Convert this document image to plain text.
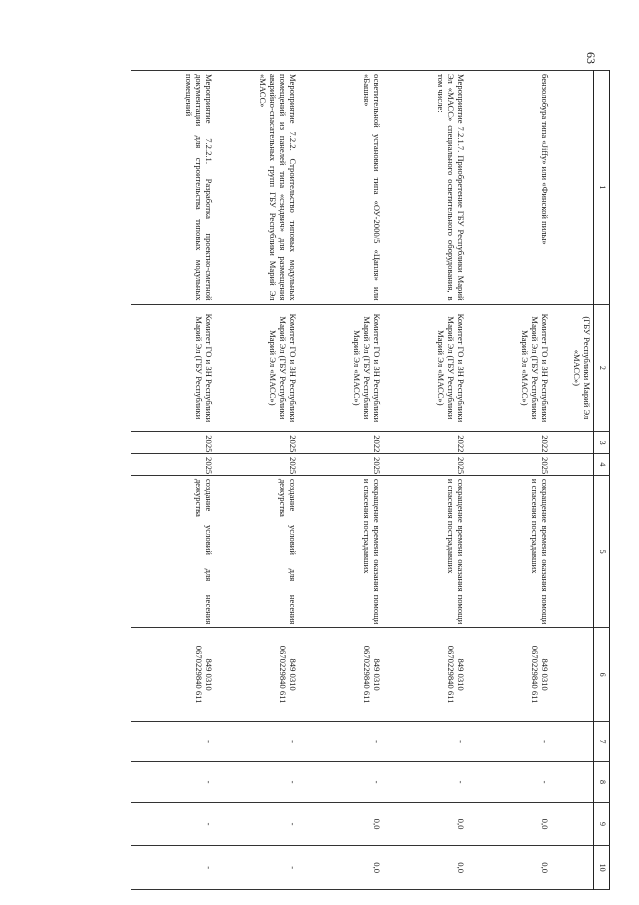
63
1	2	3	4	5	6	7	8	9	10
	(ГБУ Республики Марий Эл «МАСС»)				

бензолобура типа «Jiffy» или «Финской пилы»	Комитет ГО и ЗН Республики Марий Эл (ГБУ Республики Марий Эл «МАСС»)	2022	2025	сокращение времени оказания помощи и спасения пострадавших	849 0310
0670229840 611	-	-	0,0	0,0
Мероприятие 7.2.1.7. Приобретение ГБУ Республики Марий Эл «МАСС» специального осветительного оборудования, в том числе:	Комитет ГО и ЗН Республики Марий Эл (ГБУ Республики Марий Эл «МАСС»)	2022	2025	сокращение времени оказания помощи и спасения пострадавших	849 0310
0670229840 611	-	-	0,0	0,0
осветительной установки типа «ОУ-2000/5 «Цапля» или «Башня»	Комитет ГО и ЗН Республики Марий Эл (ГБУ Республики Марий Эл «МАСС»)	2022	2025	сокращение времени оказания помощи и спасения пострадавших	849 0310
0670229840 611	-	-	0,0	0,0
Мероприятие 7.2.2. Строительство типовых модульных помещений из панелей типа «сэндвич» для размещения аварийно-спасательных групп ГБУ Республики Марий Эл «МАСС»	Комитет ГО и ЗН Республики Марий Эл (ГБУ Республики Марий Эл «МАСС»)	2025	2025	создание условий для несения дежурства	849 0310
0670229840 611	-	-	-	-
Мероприятие 7.2.2.1. Разработка проектно-сметной документации для строительства типовых модульных помещений	Комитет ГО и ЗН Республики Марий Эл (ГБУ Республики	2025	2025	создание условий для несения дежурства	849 0310
0670229840 611	-	-	-	-
